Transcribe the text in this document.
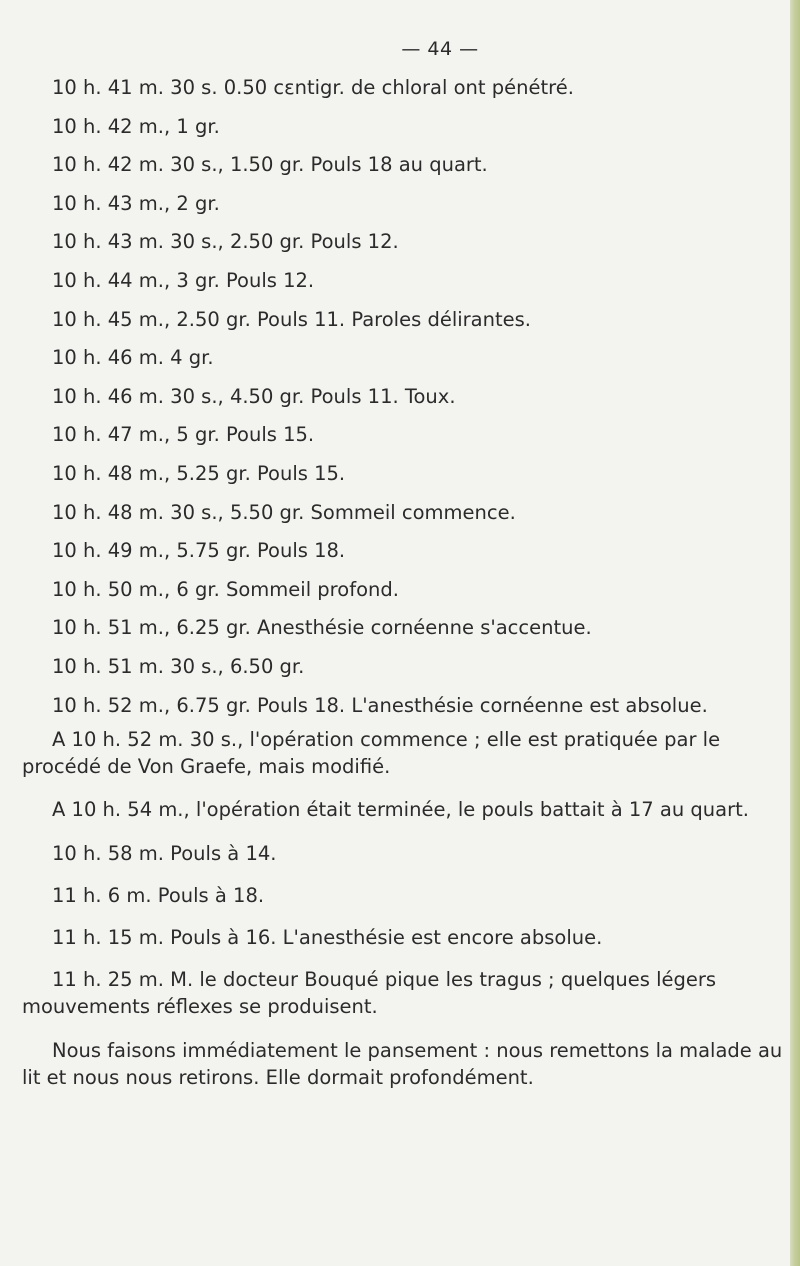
— 44 —
10 h. 41 m. 30 s. 0.50 cεntigr. de chloral ont pénétré.
10 h. 42 m., 1 gr.
10 h. 42 m. 30 s., 1.50 gr. Pouls 18 au quart.
10 h. 43 m., 2 gr.
10 h. 43 m. 30 s., 2.50 gr. Pouls 12.
10 h. 44 m., 3 gr. Pouls 12.
10 h. 45 m., 2.50 gr. Pouls 11. Paroles délirantes.
10 h. 46 m. 4 gr.
10 h. 46 m. 30 s., 4.50 gr. Pouls 11. Toux.
10 h. 47 m., 5 gr. Pouls 15.
10 h. 48 m., 5.25 gr. Pouls 15.
10 h. 48 m. 30 s., 5.50 gr. Sommeil commence.
10 h. 49 m., 5.75 gr. Pouls 18.
10 h. 50 m., 6 gr. Sommeil profond.
10 h. 51 m., 6.25 gr. Anesthésie cornéenne s'accentue.
10 h. 51 m. 30 s., 6.50 gr.
10 h. 52 m., 6.75 gr. Pouls 18. L'anesthésie cornéenne est absolue.
A 10 h. 52 m. 30 s., l'opération commence ; elle est pratiquée par le
procédé de Von Graefe, mais modifié.
A 10 h. 54 m., l'opération était terminée, le pouls battait à 17 au quart.
10 h. 58 m. Pouls à 14.
11 h. 6 m. Pouls à 18.
11 h. 15 m. Pouls à 16. L'anesthésie est encore absolue.
11 h. 25 m. M. le docteur Bouqué pique les tragus ; quelques légers
mouvements réflexes se produisent.
Nous faisons immédiatement le pansement : nous remettons la malade au
lit et nous nous retirons. Elle dormait profondément.
